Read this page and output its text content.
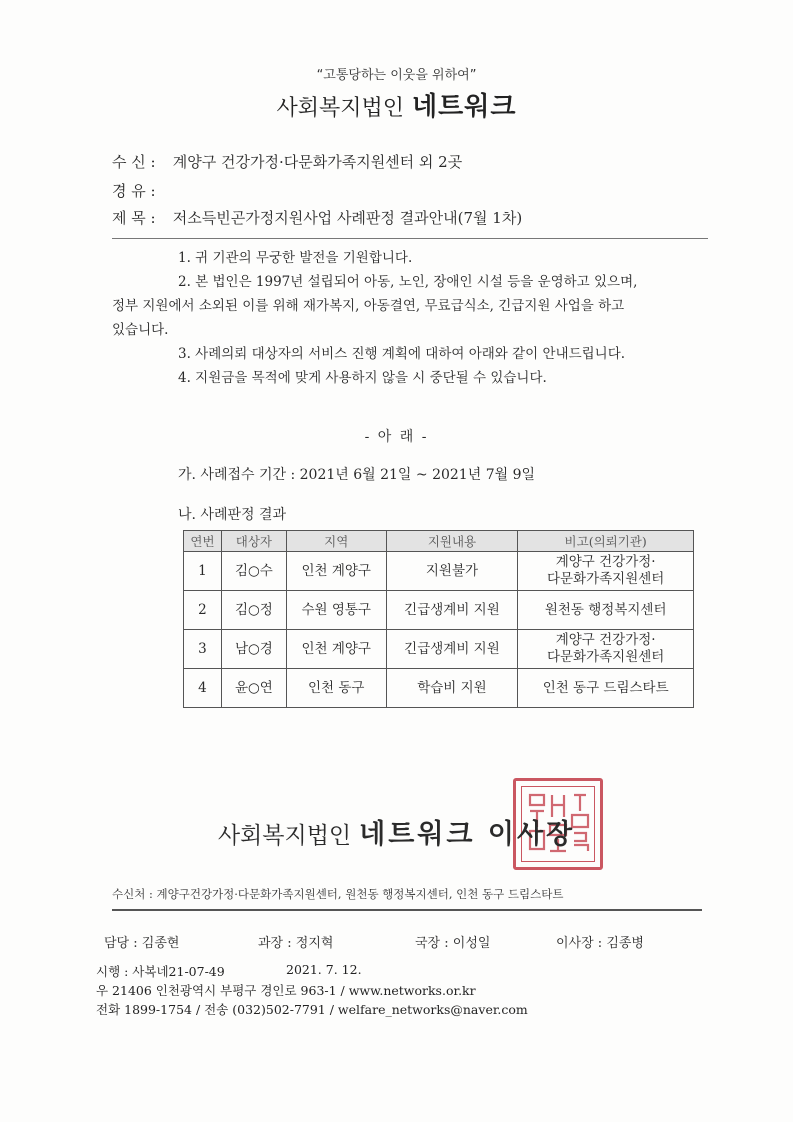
“고통당하는 이웃을 위하여”
사회복지법인 네트워크
수 신 : 계양구 건강가정·다문화가족지원센터 외 2곳
경 유 :
제 목 : 저소득빈곤가정지원사업 사례판정 결과안내(7월 1차)
1. 귀 기관의 무궁한 발전을 기원합니다.
2. 본 법인은 1997년 설립되어 아동, 노인, 장애인 시설 등을 운영하고 있으며,
정부 지원에서 소외된 이를 위해 재가복지, 아동결연, 무료급식소, 긴급지원 사업을 하고
있습니다.
3. 사례의뢰 대상자의 서비스 진행 계획에 대하여 아래와 같이 안내드립니다.
4. 지원금을 목적에 맞게 사용하지 않을 시 중단될 수 있습니다.
- 아 래 -
가. 사례접수 기간 : 2021년 6월 21일 ~ 2021년 7월 9일
나. 사례판정 결과
연번	대상자	지역	지원내용	비고(의뢰기관)
1	김○수	인천 계양구	지원불가	계양구 건강가정·
다문화가족지원센터

2	김○정	수원 영통구	긴급생계비 지원	원천동 행정복지센터

3	남○경	인천 계양구	긴급생계비 지원	계양구 건강가정·
다문화가족지원센터

4	윤○연	인천 동구	학습비 지원	인천 동구 드림스타트
사회복지법인 네트워크 이사장
수신처 : 계양구건강가정·다문화가족지원센터, 원천동 행정복지센터, 인천 동구 드림스타트
담당 : 김종현	과장 : 정지혁	국장 : 이성일	이사장 : 김종병
시행 : 사복네21-07-49	2021. 7. 12.
우 21406 인천광역시 부평구 경인로 963-1 / www.networks.or.kr
전화 1899-1754 / 전송 (032)502-7791 / welfare_networks@naver.com
